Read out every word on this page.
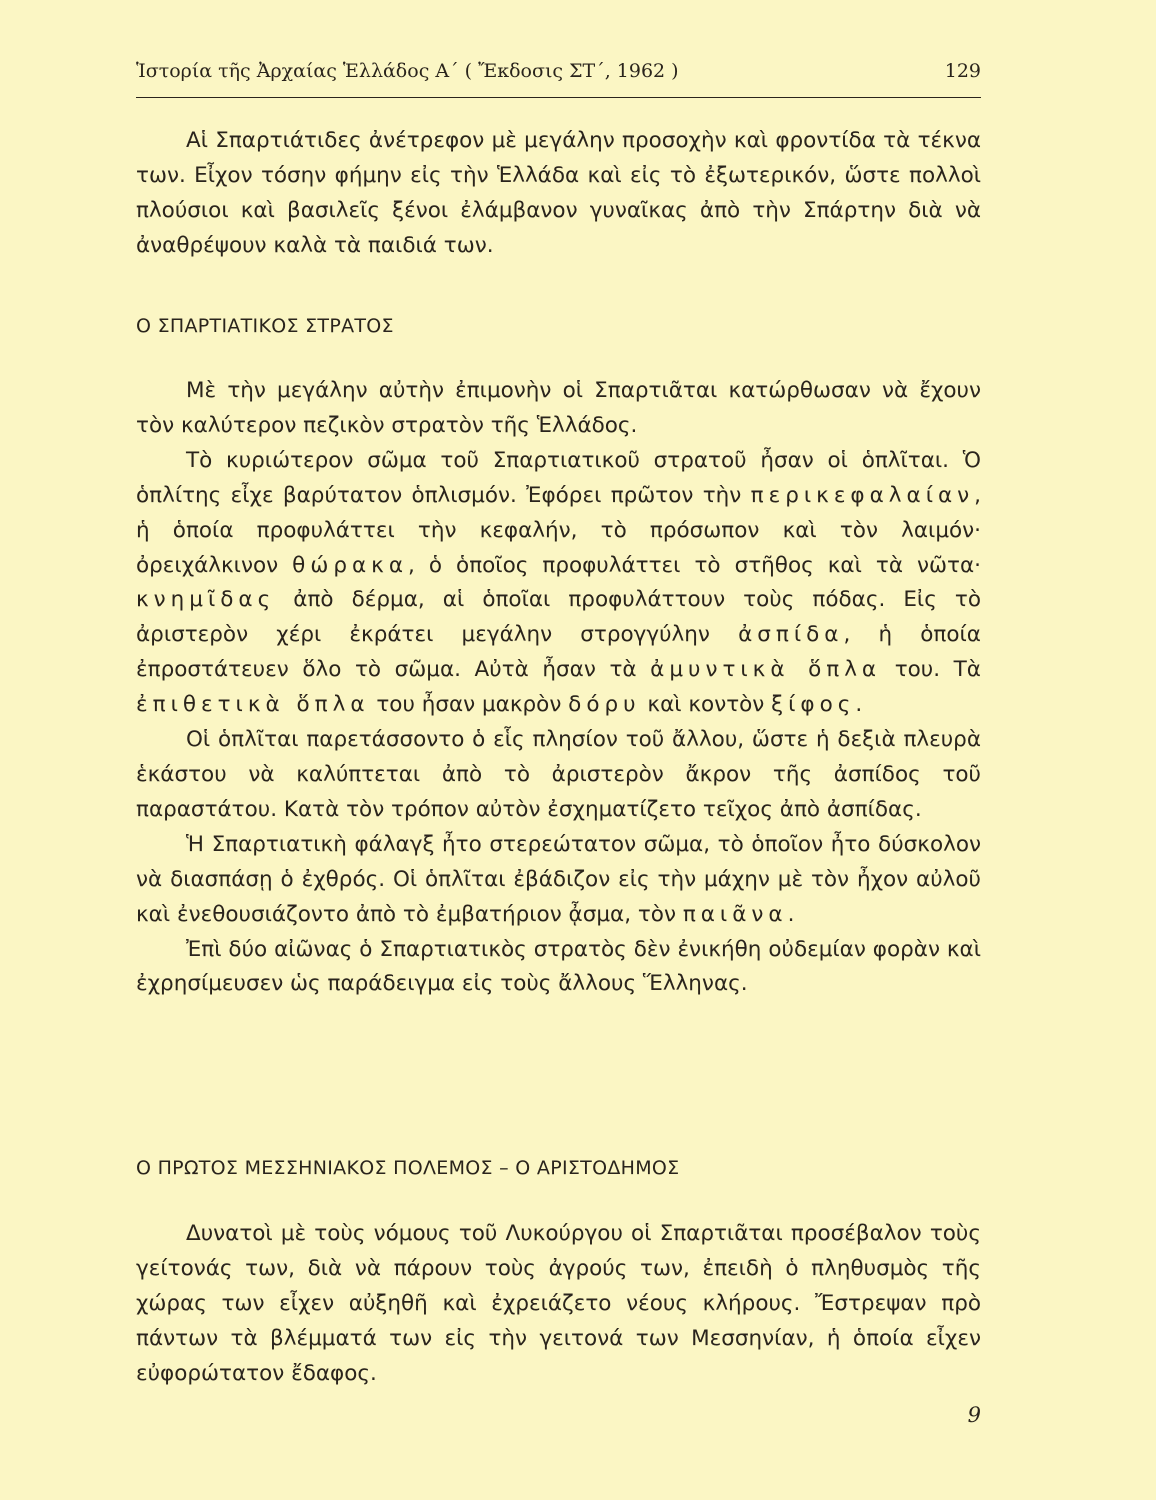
Ἱστορία τῆς Ἀρχαίας Ἑλλάδος Α΄ ( Ἔκδοσις ΣΤ΄, 1962 )	129

Αἱ Σπαρτιάτιδες ἀνέτρεφον μὲ μεγάλην προσοχὴν καὶ φροντίδα τὰ τέκνα των. Εἶχον τόσην φήμην εἰς τὴν Ἑλλάδα καὶ εἰς τὸ ἐξωτερικόν, ὥστε πολλοὶ πλούσιοι καὶ βασιλεῖς ξένοι ἐλάμβανον γυναῖκας ἀπὸ τὴν Σπάρτην διὰ νὰ ἀναθρέψουν καλὰ τὰ παιδιά των.

Ο ΣΠΑΡΤΙΑΤΙΚΟΣ ΣΤΡΑΤΟΣ

Μὲ τὴν μεγάλην αὐτὴν ἐπιμονὴν οἱ Σπαρτιᾶται κατώρθωσαν νὰ ἔχουν τὸν καλύτερον πεζικὸν στρατὸν τῆς Ἑλλάδος.

Τὸ κυριώτερον σῶμα τοῦ Σπαρτιατικοῦ στρατοῦ ἦσαν οἱ ὁπλῖται. Ὁ ὁπλίτης εἶχε βαρύτατον ὁπλισμόν. Ἐφόρει πρῶτον τὴν περικεφαλαίαν, ἡ ὁποία προφυλάττει τὴν κεφαλήν, τὸ πρόσωπον καὶ τὸν λαιμόν· ὀρειχάλκινον θώρακα, ὁ ὁποῖος προφυλάττει τὸ στῆθος καὶ τὰ νῶτα· κνημῖδας ἀπὸ δέρμα, αἱ ὁποῖαι προφυλάττουν τοὺς πόδας. Εἰς τὸ ἀριστερὸν χέρι ἐκράτει μεγάλην στρογγύλην ἀσπίδα, ἡ ὁποία ἐπροστάτευεν ὅλο τὸ σῶμα. Αὐτὰ ἦσαν τὰ ἀμυντικὰ ὅπλα του. Τὰ ἐπιθετικὰ ὅπλα του ἦσαν μακρὸν δόρυ καὶ κοντὸν ξίφος.

Οἱ ὁπλῖται παρετάσσοντο ὁ εἷς πλησίον τοῦ ἄλλου, ὥστε ἡ δεξιὰ πλευρὰ ἑκάστου νὰ καλύπτεται ἀπὸ τὸ ἀριστερὸν ἄκρον τῆς ἀσπίδος τοῦ παραστάτου. Κατὰ τὸν τρόπον αὐτὸν ἐσχηματίζετο τεῖχος ἀπὸ ἀσπίδας.

Ἡ Σπαρτιατικὴ φάλαγξ ἦτο στερεώτατον σῶμα, τὸ ὁποῖον ἦτο δύσκολον νὰ διασπάσῃ ὁ ἐχθρός. Οἱ ὁπλῖται ἐβάδιζον εἰς τὴν μάχην μὲ τὸν ἦχον αὐλοῦ καὶ ἐνεθουσιάζοντο ἀπὸ τὸ ἐμβατήριον ᾆσμα, τὸν παιᾶνα.

Ἐπὶ δύο αἰῶνας ὁ Σπαρτιατικὸς στρατὸς δὲν ἐνικήθη οὐδεμίαν φορὰν καὶ ἐχρησίμευσεν ὡς παράδειγμα εἰς τοὺς ἄλλους Ἕλληνας.

Ο ΠΡΩΤΟΣ ΜΕΣΣΗΝΙΑΚΟΣ ΠΟΛΕΜΟΣ – Ο ΑΡΙΣΤΟΔΗΜΟΣ

Δυνατοὶ μὲ τοὺς νόμους τοῦ Λυκούργου οἱ Σπαρτιᾶται προσέβαλον τοὺς γείτονάς των, διὰ νὰ πάρουν τοὺς ἀγρούς των, ἐπειδὴ ὁ πληθυσμὸς τῆς χώρας των εἶχεν αὐξηθῆ καὶ ἐχρειάζετο νέους κλήρους. Ἔστρεψαν πρὸ πάντων τὰ βλέμματά των εἰς τὴν γειτονά των Μεσσηνίαν, ἡ ὁποία εἶχεν εὐφορώτατον ἔδαφος.

9
